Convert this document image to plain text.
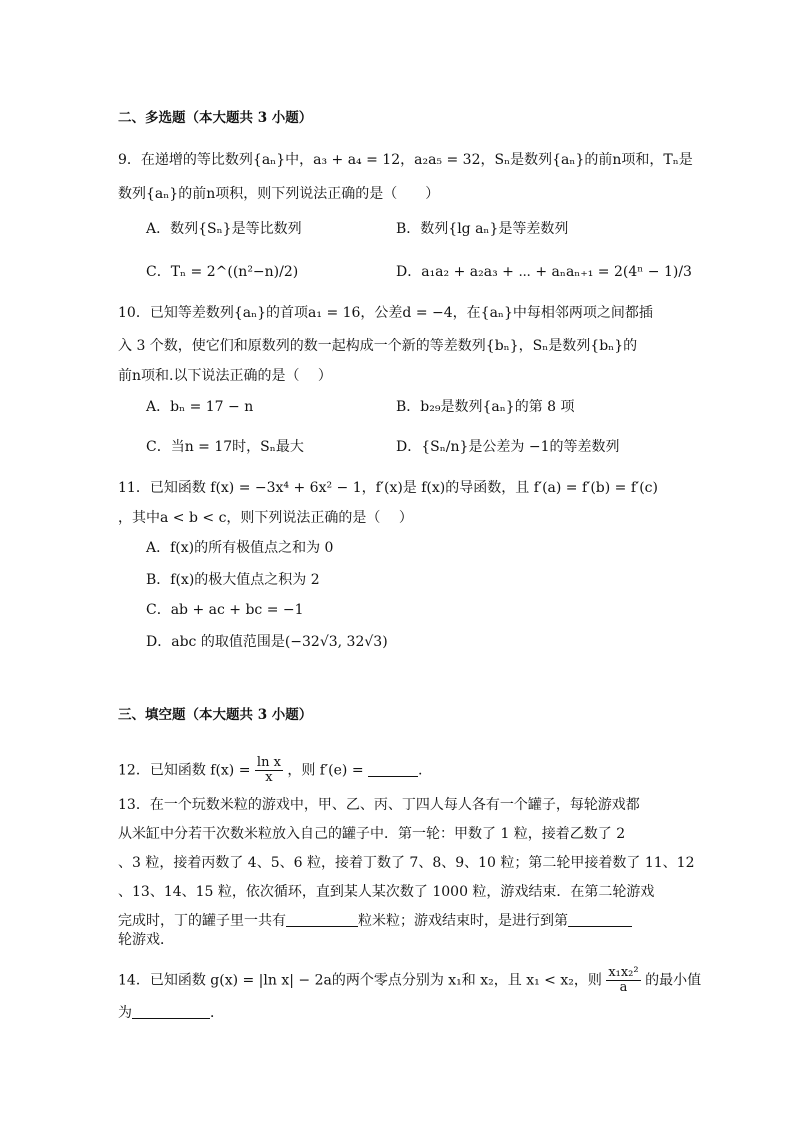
二、多选题（本大题共 3 小题）
9．在递增的等比数列{aₙ}中，a₃ + a₄ = 12，a₂a₅ = 32，Sₙ是数列{aₙ}的前n项和，Tₙ是
数列{aₙ}的前n项积，则下列说法正确的是（　　）
A．数列{Sₙ}是等比数列	B．数列{lg aₙ}是等差数列
C．Tₙ = 2^((n²−n)/2)	D．a₁a₂ + a₂a₃ + ⋯ + aₙaₙ₊₁ = 2(4ⁿ − 1)/3
10．已知等差数列{aₙ}的首项a₁ = 16，公差d = −4，在{aₙ}中每相邻两项之间都插
入 3 个数，使它们和原数列的数一起构成一个新的等差数列{bₙ}，Sₙ是数列{bₙ}的
前n项和.以下说法正确的是（　 ）
A．bₙ = 17 − n	B．b₂₉是数列{aₙ}的第 8 项
C．当n = 17时，Sₙ最大	D．{Sₙ/n}是公差为 −1的等差数列
11．已知函数 f(x) = −3x⁴ + 6x² − 1，f′(x)是 f(x)的导函数，且 f′(a) = f′(b) = f′(c)
，其中a < b < c，则下列说法正确的是（　 ）
A．f(x)的所有极值点之和为 0
B．f(x)的极大值点之积为 2
C．ab + ac + bc = −1
D．abc 的取值范围是(−32√3, 32√3)
三、填空题（本大题共 3 小题）
12．已知函数 $f(x) = \frac{\text{ln x}}{x}$ ，则 f′(e) =	.
13．在一个玩数米粒的游戏中，甲、乙、丙、丁四人每人各有一个罐子，每轮游戏都
从米缸中分若干次数米粒放入自己的罐子中．第一轮：甲数了 1 粒，接着乙数了 2
、3 粒，接着丙数了 4、5、6 粒，接着丁数了 7、8、9、10 粒；第二轮甲接着数了 11、12
、13、14、15 粒，依次循环，直到某人某次数了 1000 粒，游戏结束．在第二轮游戏
完成时，丁的罐子里一共有	粒米粒；游戏结束时，是进行到第
轮游戏．
14．已知函数 g(x) = |ln x| − 2a的两个零点分别为 x₁和 x₂，且 x₁ < x₂，则 $\frac{\text{x₁x₂²}}{a}$ 的最小值
为	．
